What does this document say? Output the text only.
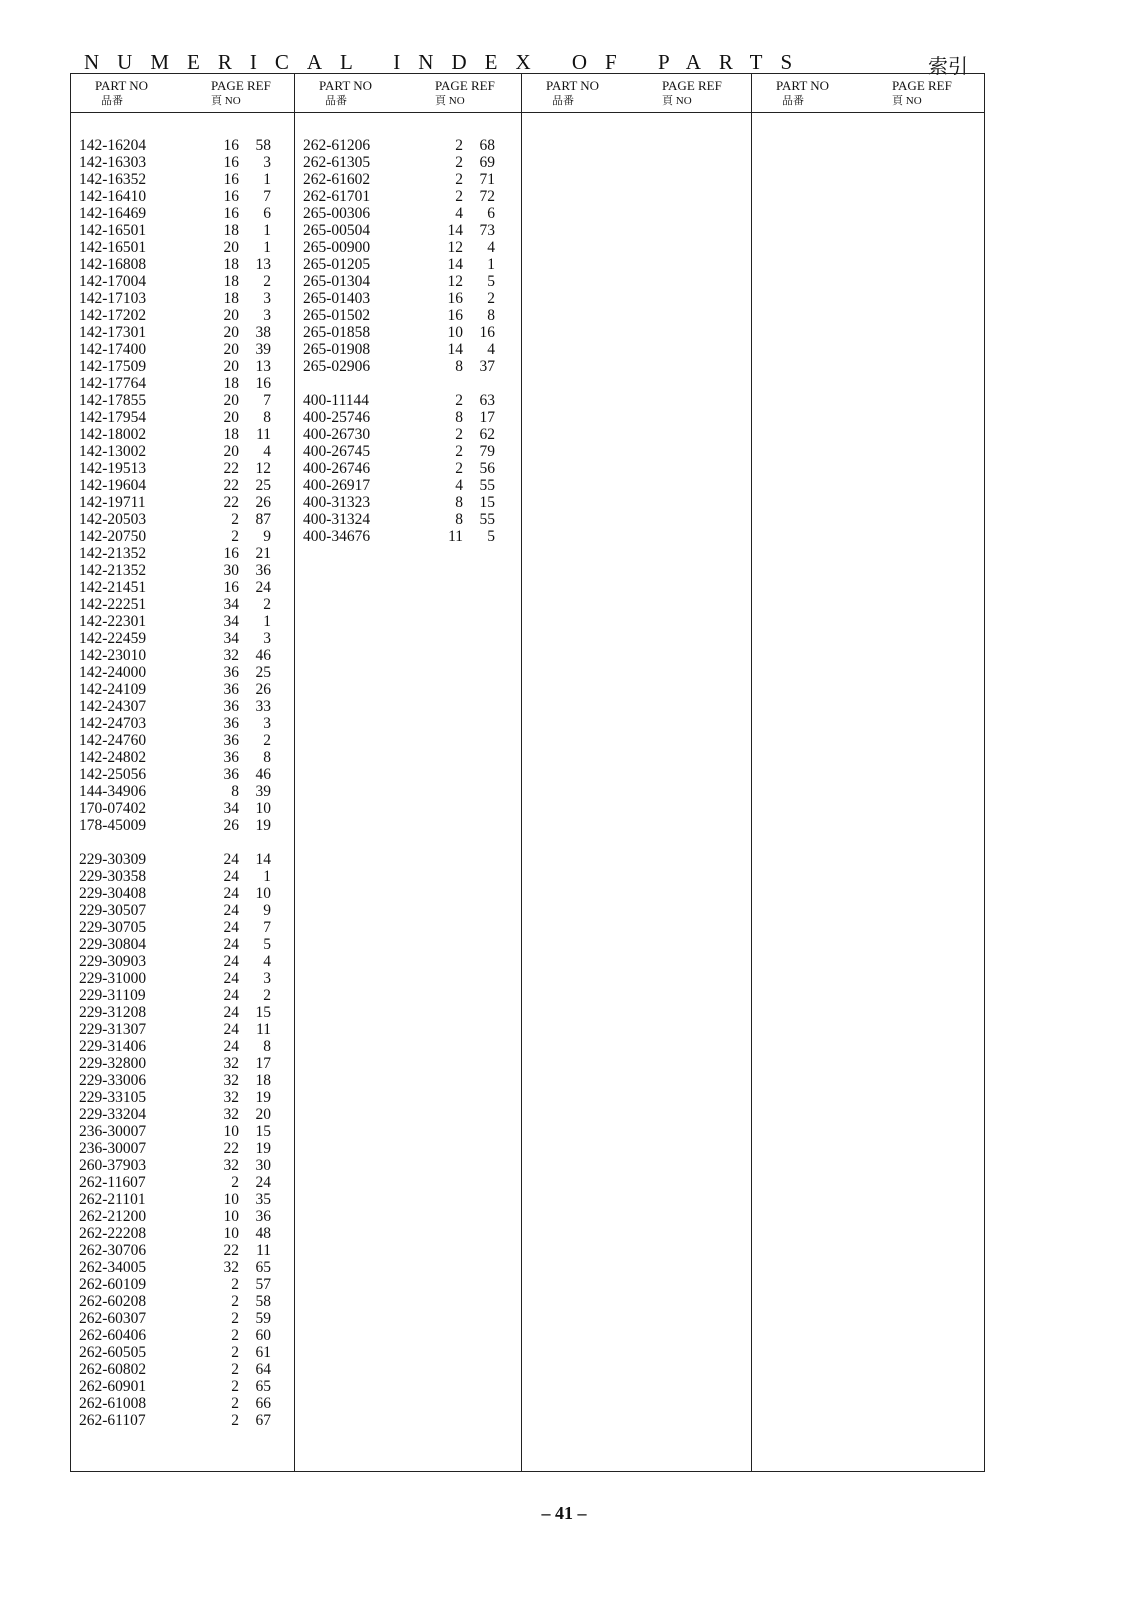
NUMERICAL INDEX OF PARTS	索引
PART NO
品番
PAGE REF
頁 NO
142-16204	16	58
142-16303	16	3
142-16352	16	1
142-16410	16	7
142-16469	16	6
142-16501	18	1
142-16501	20	1
142-16808	18	13
142-17004	18	2
142-17103	18	3
142-17202	20	3
142-17301	20	38
142-17400	20	39
142-17509	20	13
142-17764	18	16
142-17855	20	7
142-17954	20	8
142-18002	18	11
142-13002	20	4
142-19513	22	12
142-19604	22	25
142-19711	22	26
142-20503	2	87
142-20750	2	9
142-21352	16	21
142-21352	30	36
142-21451	16	24
142-22251	34	2
142-22301	34	1
142-22459	34	3
142-23010	32	46
142-24000	36	25
142-24109	36	26
142-24307	36	33
142-24703	36	3
142-24760	36	2
142-24802	36	8
142-25056	36	46
144-34906	8	39
170-07402	34	10
178-45009	26	19
229-30309	24	14
229-30358	24	1
229-30408	24	10
229-30507	24	9
229-30705	24	7
229-30804	24	5
229-30903	24	4
229-31000	24	3
229-31109	24	2
229-31208	24	15
229-31307	24	11
229-31406	24	8
229-32800	32	17
229-33006	32	18
229-33105	32	19
229-33204	32	20
236-30007	10	15
236-30007	22	19
260-37903	32	30
262-11607	2	24
262-21101	10	35
262-21200	10	36
262-22208	10	48
262-30706	22	11
262-34005	32	65
262-60109	2	57
262-60208	2	58
262-60307	2	59
262-60406	2	60
262-60505	2	61
262-60802	2	64
262-60901	2	65
262-61008	2	66
262-61107	2	67
PART NO
品番
PAGE REF
頁 NO
262-61206	2	68
262-61305	2	69
262-61602	2	71
262-61701	2	72
265-00306	4	6
265-00504	14	73
265-00900	12	4
265-01205	14	1
265-01304	12	5
265-01403	16	2
265-01502	16	8
265-01858	10	16
265-01908	14	4
265-02906	8	37
400-11144	2	63
400-25746	8	17
400-26730	2	62
400-26745	2	79
400-26746	2	56
400-26917	4	55
400-31323	8	15
400-31324	8	55
400-34676	11	5
PART NO
品番
PAGE REF
頁 NO
PART NO
品番
PAGE REF
頁 NO
– 41 –
